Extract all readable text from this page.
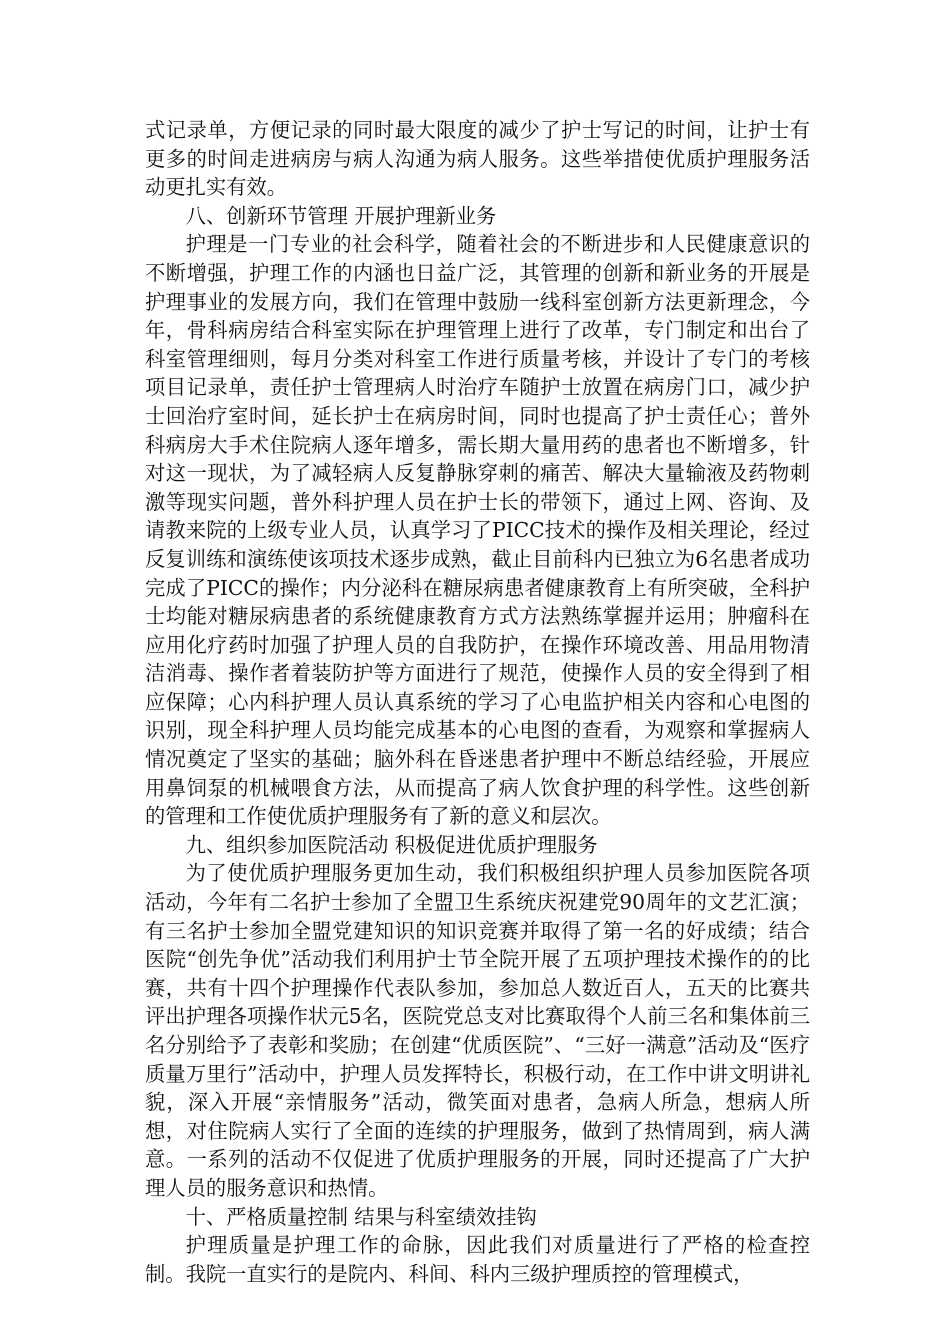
式记录单，方便记录的同时最大限度的减少了护士写记的时间，让护士有更多的时间走进病房与病人沟通为病人服务。这些举措使优质护理服务活动更扎实有效。

八、创新环节管理 开展护理新业务

护理是一门专业的社会科学，随着社会的不断进步和人民健康意识的不断增强，护理工作的内涵也日益广泛，其管理的创新和新业务的开展是护理事业的发展方向，我们在管理中鼓励一线科室创新方法更新理念，今年，骨科病房结合科室实际在护理管理上进行了改革，专门制定和出台了科室管理细则，每月分类对科室工作进行质量考核，并设计了专门的考核项目记录单，责任护士管理病人时治疗车随护士放置在病房门口，减少护士回治疗室时间，延长护士在病房时间，同时也提高了护士责任心；普外科病房大手术住院病人逐年增多，需长期大量用药的患者也不断增多，针对这一现状，为了减轻病人反复静脉穿刺的痛苦、解决大量输液及药物刺激等现实问题，普外科护理人员在护士长的带领下，通过上网、咨询、及请教来院的上级专业人员，认真学习了PICC技术的操作及相关理论，经过反复训练和演练使该项技术逐步成熟，截止目前科内已独立为6名患者成功完成了PICC的操作；内分泌科在糖尿病患者健康教育上有所突破，全科护士均能对糖尿病患者的系统健康教育方式方法熟练掌握并运用；肿瘤科在应用化疗药时加强了护理人员的自我防护，在操作环境改善、用品用物清洁消毒、操作者着装防护等方面进行了规范，使操作人员的安全得到了相应保障；心内科护理人员认真系统的学习了心电监护相关内容和心电图的识别，现全科护理人员均能完成基本的心电图的查看，为观察和掌握病人情况奠定了坚实的基础；脑外科在昏迷患者护理中不断总结经验，开展应用鼻饲泵的机械喂食方法，从而提高了病人饮食护理的科学性。这些创新的管理和工作使优质护理服务有了新的意义和层次。

九、组织参加医院活动 积极促进优质护理服务

为了使优质护理服务更加生动，我们积极组织护理人员参加医院各项活动，今年有二名护士参加了全盟卫生系统庆祝建党90周年的文艺汇演；有三名护士参加全盟党建知识的知识竞赛并取得了第一名的好成绩；结合医院“创先争优”活动我们利用护士节全院开展了五项护理技术操作的的比赛，共有十四个护理操作代表队参加，参加总人数近百人，五天的比赛共评出护理各项操作状元5名，医院党总支对比赛取得个人前三名和集体前三名分别给予了表彰和奖励；在创建“优质医院”、“三好一满意”活动及“医疗质量万里行”活动中，护理人员发挥特长，积极行动，在工作中讲文明讲礼貌，深入开展“亲情服务”活动，微笑面对患者，急病人所急，想病人所想，对住院病人实行了全面的连续的护理服务，做到了热情周到，病人满意。一系列的活动不仅促进了优质护理服务的开展，同时还提高了广大护理人员的服务意识和热情。

十、严格质量控制 结果与科室绩效挂钩

护理质量是护理工作的命脉，因此我们对质量进行了严格的检查控制。我院一直实行的是院内、科间、科内三级护理质控的管理模式，
